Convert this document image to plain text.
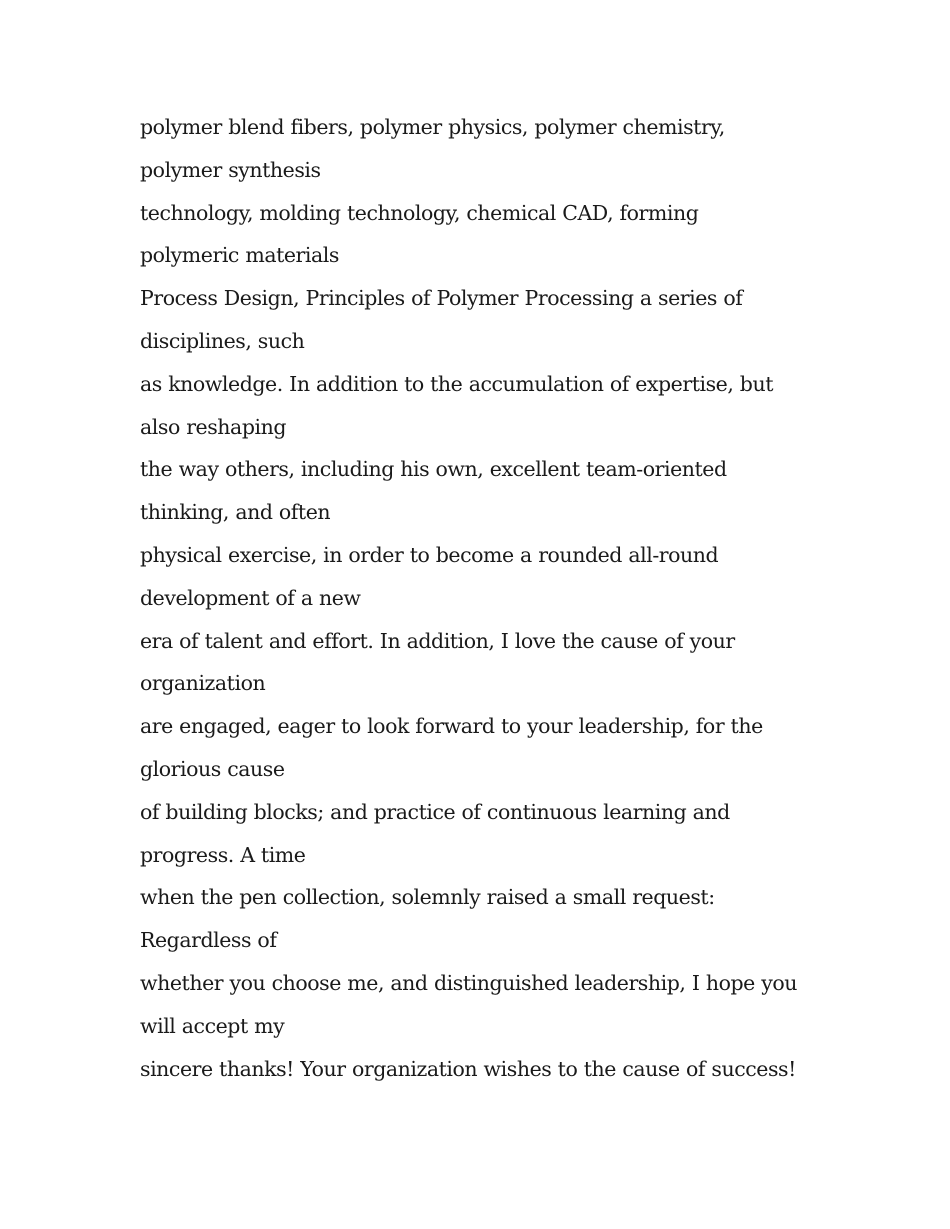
polymer blend fibers, polymer physics, polymer chemistry,
polymer synthesis
technology, molding technology, chemical CAD, forming
polymeric materials
Process Design, Principles of Polymer Processing a series of
disciplines, such
as knowledge. In addition to the accumulation of expertise, but
also reshaping
the way others, including his own, excellent team-oriented
thinking, and often
physical exercise, in order to become a rounded all-round
development of a new
era of talent and effort. In addition, I love the cause of your
organization
are engaged, eager to look forward to your leadership, for the
glorious cause
of building blocks; and practice of continuous learning and
progress. A time
when the pen collection, solemnly raised a small request:
Regardless of
whether you choose me, and distinguished leadership, I hope you
will accept my
sincere thanks! Your organization wishes to the cause of success!
